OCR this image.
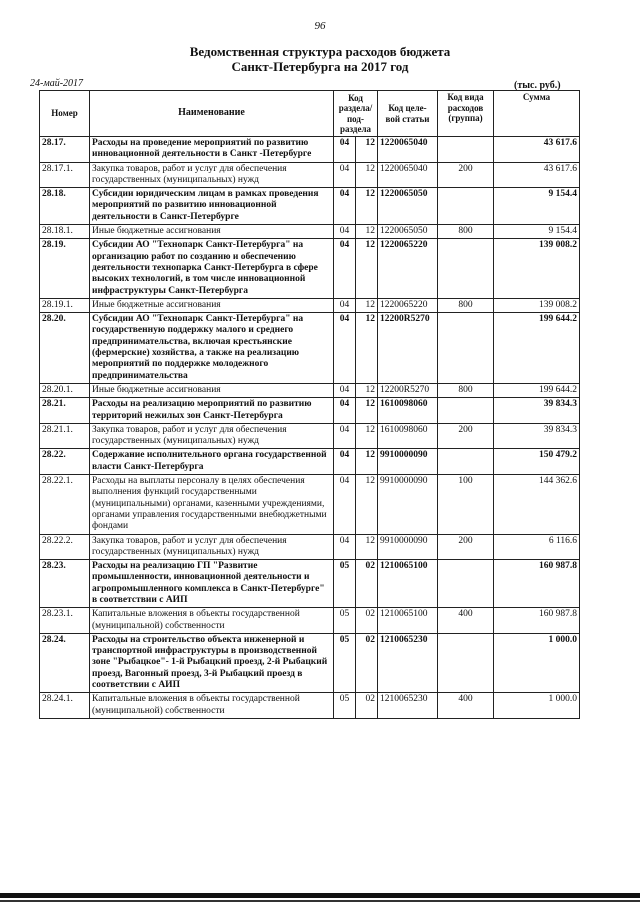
96
Ведомственная структура расходов бюджета
Санкт-Петербурга на 2017 год
24-май-2017	(тыс. руб.)
Номер	Наименование	Код раздела/ под- раздела		Код целе- вой статьи	Код вида расходов (группа)	Сумма
28.17.	Расходы на проведение мероприятий по развитию инновационной деятельности в Санкт -Петербурге	04	12	1220065040		43 617.6
28.17.1.	Закупка товаров, работ и услуг для обеспечения государственных (муниципальных) нужд	04	12	1220065040	200	43 617.6
28.18.	Субсидии юридическим лицам в рамках проведения мероприятий по развитию инновационной деятельности в Санкт-Петербурге	04	12	1220065050		9 154.4
28.18.1.	Иные бюджетные ассигнования	04	12	1220065050	800	9 154.4
28.19.	Субсидии АО "Технопарк Санкт-Петербурга" на организацию работ по созданию и обеспечению деятельности технопарка Санкт-Петербурга в сфере высоких технологий, в том числе инновационной инфраструктуры Санкт-Петербурга	04	12	1220065220		139 008.2
28.19.1.	Иные бюджетные ассигнования	04	12	1220065220	800	139 008.2
28.20.	Субсидии АО "Технопарк Санкт-Петербурга" на государственную поддержку малого и среднего предпринимательства, включая крестьянские (фермерские) хозяйства, а также на реализацию мероприятий по поддержке молодежного предпринимательства	04	12	12200R5270		199 644.2
28.20.1.	Иные бюджетные ассигнования	04	12	12200R5270	800	199 644.2
28.21.	Расходы на реализацию мероприятий по развитию территорий нежилых зон Санкт-Петербурга	04	12	1610098060		39 834.3
28.21.1.	Закупка товаров, работ и услуг для обеспечения государственных (муниципальных) нужд	04	12	1610098060	200	39 834.3
28.22.	Содержание исполнительного органа государственной власти Санкт-Петербурга	04	12	9910000090		150 479.2
28.22.1.	Расходы на выплаты персоналу в целях обеспечения выполнения функций государственными (муниципальными) органами, казенными учреждениями, органами управления государственными внебюджетными фондами	04	12	9910000090	100	144 362.6
28.22.2.	Закупка товаров, работ и услуг для обеспечения государственных (муниципальных) нужд	04	12	9910000090	200	6 116.6
28.23.	Расходы на реализацию ГП "Развитие промышленности, инновационной деятельности и агропромышленного комплекса в Санкт-Петербурге" в соответствии с АИП	05	02	1210065100		160 987.8
28.23.1.	Капитальные вложения в объекты государственной (муниципальной) собственности	05	02	1210065100	400	160 987.8
28.24.	Расходы на строительство объекта инженерной и транспортной инфраструктуры в производственной зоне "Рыбацкое"- 1-й Рыбацкий проезд, 2-й Рыбацкий проезд, Вагонный проезд, 3-й Рыбацкий проезд в соответствии с АИП	05	02	1210065230		1 000.0
28.24.1.	Капитальные вложения в объекты государственной (муниципальной) собственности	05	02	1210065230	400	1 000.0
